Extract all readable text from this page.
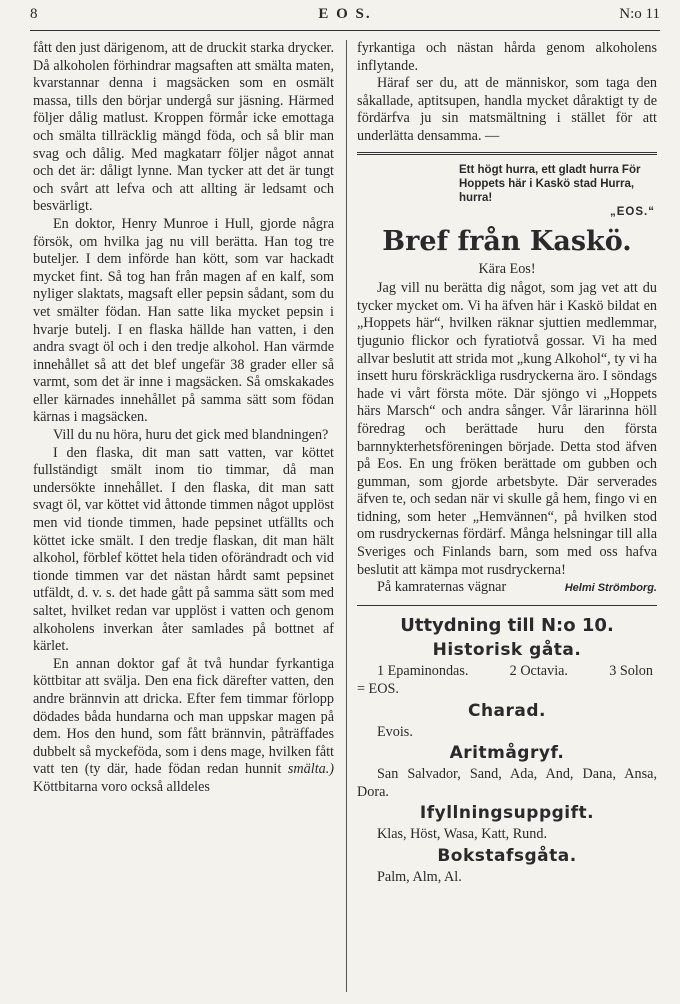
8	E O S.	N:o 11

fått den just därigenom, att de druckit starka drycker. Då alkoholen förhindrar magsaften att smälta maten, kvarstannar denna i magsäcken som en osmält massa, tills den börjar undergå sur jäsning. Härmed följer dålig matlust. Kroppen förmår icke emottaga och smälta tillräcklig mängd föda, och så blir man svag och dålig. Med magkatarr följer något annat och det är: dåligt lynne. Man tycker att det är tungt och svårt att lefva och att allting är ledsamt och besvärligt.

En doktor, Henry Munroe i Hull, gjorde några försök, om hvilka jag nu vill berätta. Han tog tre buteljer. I dem införde han kött, som var hackadt mycket fint. Så tog han från magen af en kalf, som nyliger slaktats, magsaft eller pepsin sådant, som du vet smälter födan. Han satte lika mycket pepsin i hvarje butelj. I en flaska hällde han vatten, i den andra svagt öl och i den tredje alkohol. Han värmde innehållet så att det blef ungefär 38 grader eller så varmt, som det är inne i magsäcken. Så omskakades eller kärnades innehållet på samma sätt som födan kärnas i magsäcken.

Vill du nu höra, huru det gick med blandningen?

I den flaska, dit man satt vatten, var köttet fullständigt smält inom tio timmar, då man undersökte innehållet. I den flaska, dit man satt svagt öl, var köttet vid åttonde timmen något upplöst men vid tionde timmen, hade pepsinet utfällts och köttet icke smält. I den tredje flaskan, dit man hält alkohol, förblef köttet hela tiden oförändradt och vid tionde timmen var det nästan hårdt samt pepsinet utfäldt, d. v. s. det hade gått på samma sätt som med saltet, hvilket redan var upplöst i vatten och genom alkoholens inverkan åter samlades på bottnet af kärlet.

En annan doktor gaf åt två hundar fyrkantiga köttbitar att svälja. Den ena fick därefter vatten, den andre brännvin att dricka. Efter fem timmar förlopp dödades båda hundarna och man uppskar magen på dem. Hos den hund, som fått brännvin, påträffades dubbelt så myckeföda, som i dens mage, hvilken fått vatt ten (ty där, hade födan redan hunnit smälta.) Köttbitarna voro också alldeles

fyrkantiga och nästan hårda genom alkoholens inflytande.

Häraf ser du, att de människor, som taga den såkallade, aptitsupen, handla mycket dåraktigt ty de fördärfva ju sin matsmältning i stället för att underlätta densamma. —

Ett högt hurra, ett gladt hurra För Hoppets här i Kaskö stad Hurra, hurra!
„EOS.“
Bref från Kaskö.
Kära Eos!

Jag vill nu berätta dig något, som jag vet att du tycker mycket om. Vi ha äfven här i Kaskö bildat en „Hoppets här“, hvilken räknar sjuttien medlemmar, tjugunio flickor och fyratiotvå gossar. Vi ha med allvar beslutit att strida mot „kung Alkohol“, ty vi ha insett huru förskräckliga rusdryckerna äro. I söndags hade vi vårt första möte. Där sjöngo vi „Hoppets härs Marsch“ och andra sånger. Vår lärarinna höll föredrag och berättade huru den första barnnykterhetsföreningen började. Detta stod äfven på Eos. En ung fröken berättade om gubben och gumman, som gjorde arbetsbyte. Där serverades äfven te, och sedan när vi skulle gå hem, fingo vi en tidning, som heter „Hemvännen“, på hvilken stod om rusdryckernas fördärf. Många helsningar till alla Sveriges och Finlands barn, som med oss hafva beslutit att kämpa mot rusdryckerna!

På kamraternas vägnar	Helmi Strömborg.
Uttydning till N:o 10.
Historisk gåta.
1 Epaminondas.	2 Octavia.	3 Solon
= EOS.
Charad.
Evois.
Aritmågryf.

San Salvador, Sand, Ada, And, Dana, Ansa, Dora.

Ifyllningsuppgift.
Klas, Höst, Wasa, Katt, Rund.
Bokstafsgåta.
Palm, Alm, Al.
